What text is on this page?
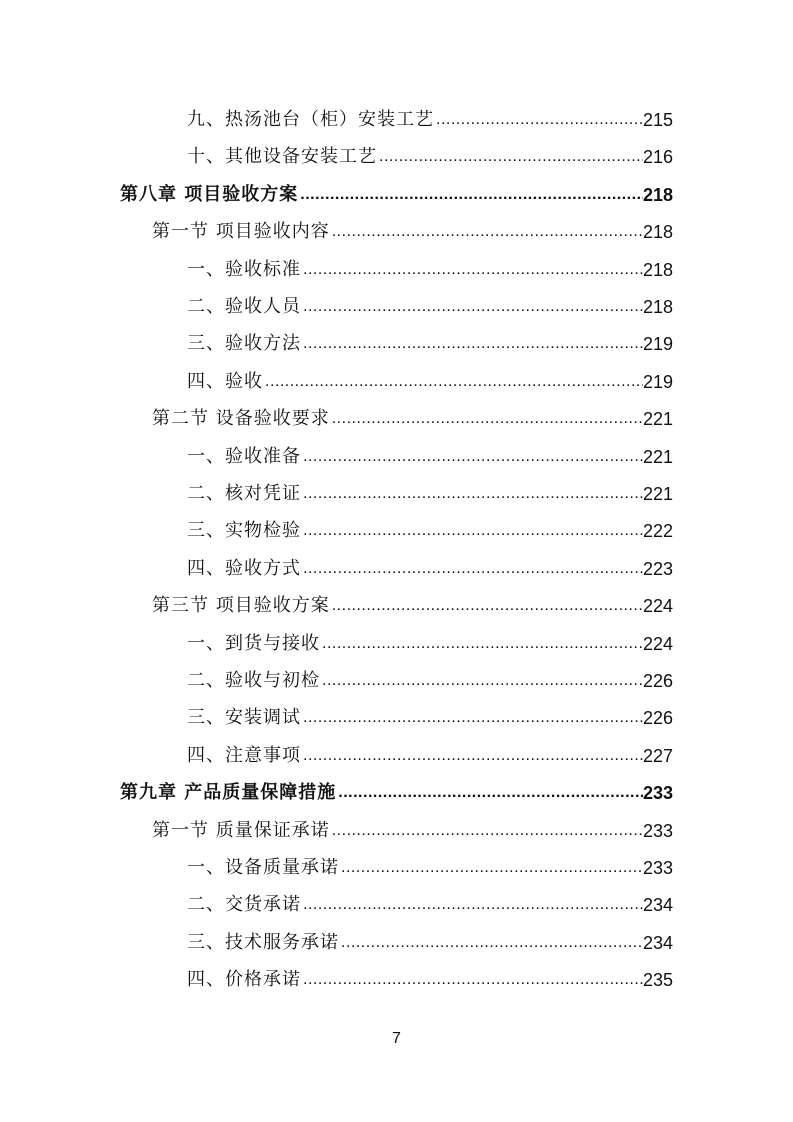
九、热汤池台（柜）安装工艺 .....	215
十、其他设备安装工艺 .....	216
第八章 项目验收方案 .....	218
第一节 项目验收内容 .....	218
一、验收标准 .....	218
二、验收人员 .....	218
三、验收方法 .....	219
四、验收 .....	219
第二节 设备验收要求 .....	221
一、验收准备 .....	221
二、核对凭证 .....	221
三、实物检验 .....	222
四、验收方式 .....	223
第三节 项目验收方案 .....	224
一、到货与接收 .....	224
二、验收与初检 .....	226
三、安装调试 .....	226
四、注意事项 .....	227
第九章 产品质量保障措施 .....	233
第一节 质量保证承诺 .....	233
一、设备质量承诺 .....	233
二、交货承诺 .....	234
三、技术服务承诺 .....	234
四、价格承诺 .....	235
7
